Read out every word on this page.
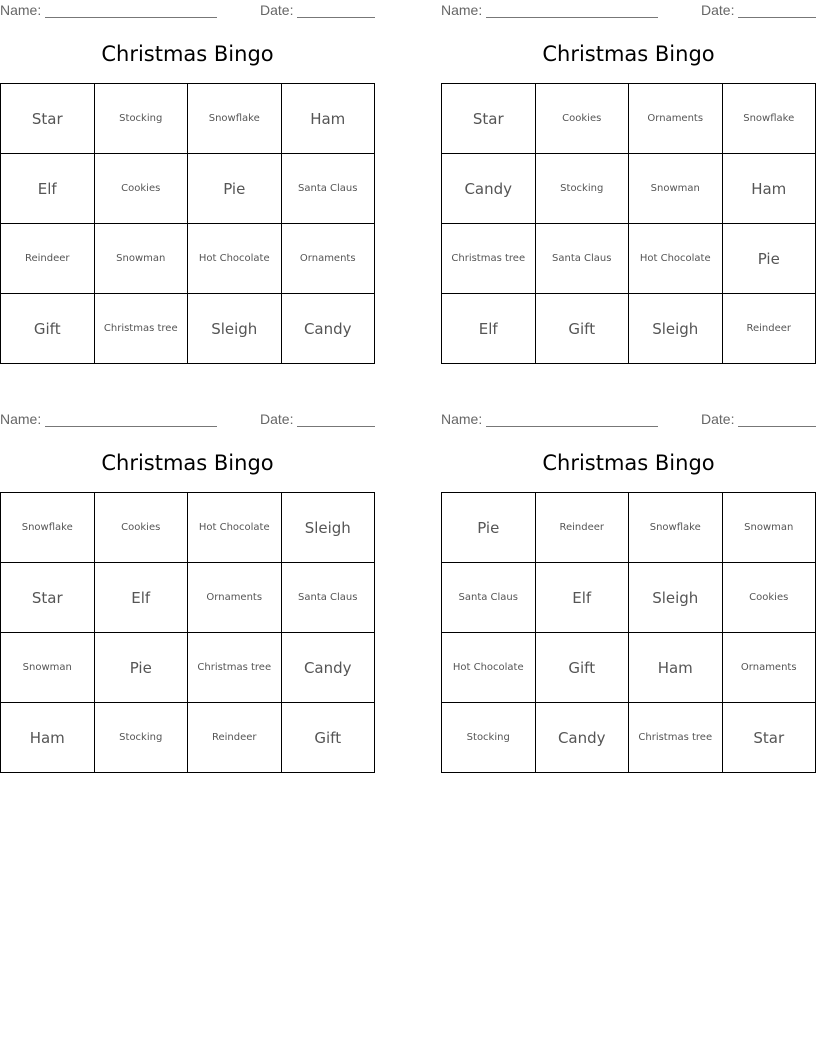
Name:	Date:
Christmas Bingo
Star	Stocking	Snowflake	Ham
Elf	Cookies	Pie	Santa Claus
Reindeer	Snowman	Hot Chocolate	Ornaments
Gift	Christmas tree	Sleigh	Candy
Name:	Date:
Christmas Bingo
Star	Cookies	Ornaments	Snowflake
Candy	Stocking	Snowman	Ham
Christmas tree	Santa Claus	Hot Chocolate	Pie
Elf	Gift	Sleigh	Reindeer
Name:	Date:
Christmas Bingo
Snowflake	Cookies	Hot Chocolate	Sleigh
Star	Elf	Ornaments	Santa Claus
Snowman	Pie	Christmas tree	Candy
Ham	Stocking	Reindeer	Gift
Name:	Date:
Christmas Bingo
Pie	Reindeer	Snowflake	Snowman
Santa Claus	Elf	Sleigh	Cookies
Hot Chocolate	Gift	Ham	Ornaments
Stocking	Candy	Christmas tree	Star
